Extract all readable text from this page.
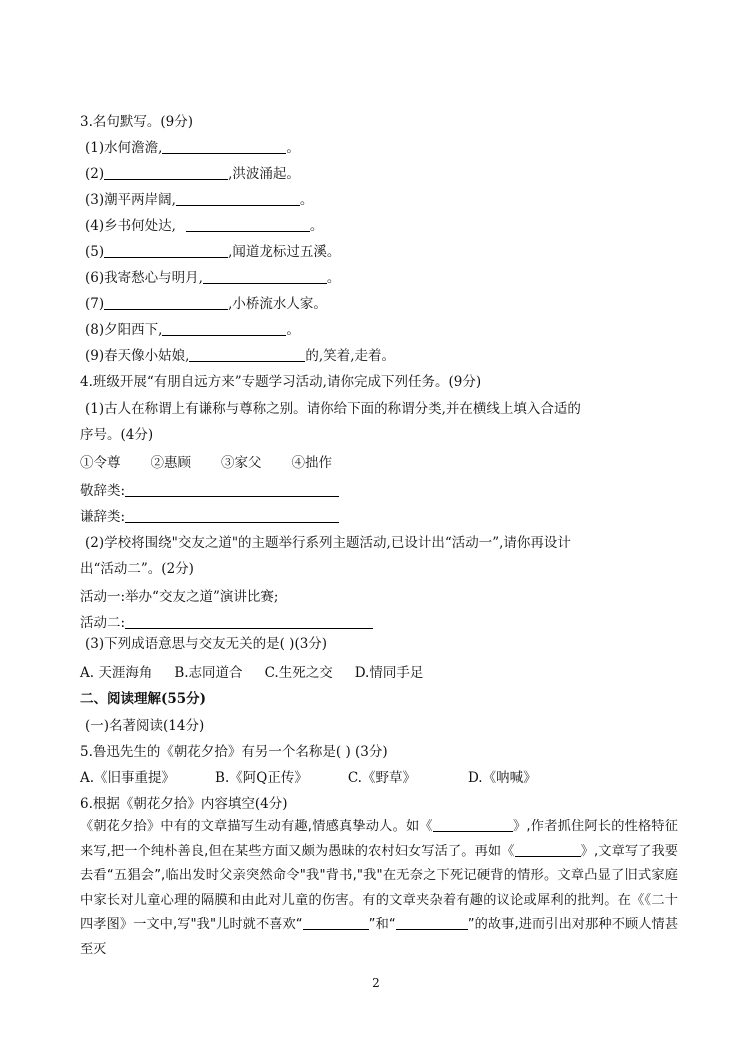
3.名句默写。(9分)
(1)水何澹澹,	。
(2)	,洪波涌起。
(3)潮平两岸阔,	。
(4)乡书何处达,	。
(5)	,闻道龙标过五溪。
(6)我寄愁心与明月,	。
(7)	,小桥流水人家。
(8)夕阳西下,	。
(9)春天像小姑娘,	的,笑着,走着。
4.班级开展“有朋自远方来”专题学习活动,请你完成下列任务。(9分)
(1)古人在称谓上有谦称与尊称之别。请你给下面的称谓分类,并在横线上填入合适的
序号。(4分)
①令尊 ②惠顾 ③家父 ④拙作
敬辞类:
谦辞类:
(2)学校将围绕"交友之道"的主题举行系列主题活动,已设计出“活动一”,请你再设计
出“活动二”。(2分)
活动一:举办“交友之道”演讲比赛;
活动二:
(3)下列成语意思与交友无关的是( )(3分)
A. 天涯海角 B.志同道合 C.生死之交 D.情同手足
二、阅读理解(55分)
(一)名著阅读(14分)
5.鲁迅先生的《朝花夕拾》有另一个名称是( ) (3分)
A.《旧事重提》	B.《阿Q正传》	C.《野草》	D.《呐喊》
6.根据《朝花夕拾》内容填空(4分)
《朝花夕拾》中有的文章描写生动有趣,情感真挚动人。如《	》,作者抓住阿长的性格特征来写,把一个纯朴善良,但在某些方面又颇为愚昧的农村妇女写活了。再如《	》,文章写了我要去看“五猖会”,临出发时父亲突然命令"我"背书,"我"在无奈之下死记硬背的情形。文章凸显了旧式家庭中家长对儿童心理的隔膜和由此对儿童的伤害。有的文章夹杂着有趣的议论或犀利的批判。在《《二十四孝图》一文中,写"我"儿时就不喜欢“	”和“	”的故事,进而引出对那种不顾人情甚至灭
2
